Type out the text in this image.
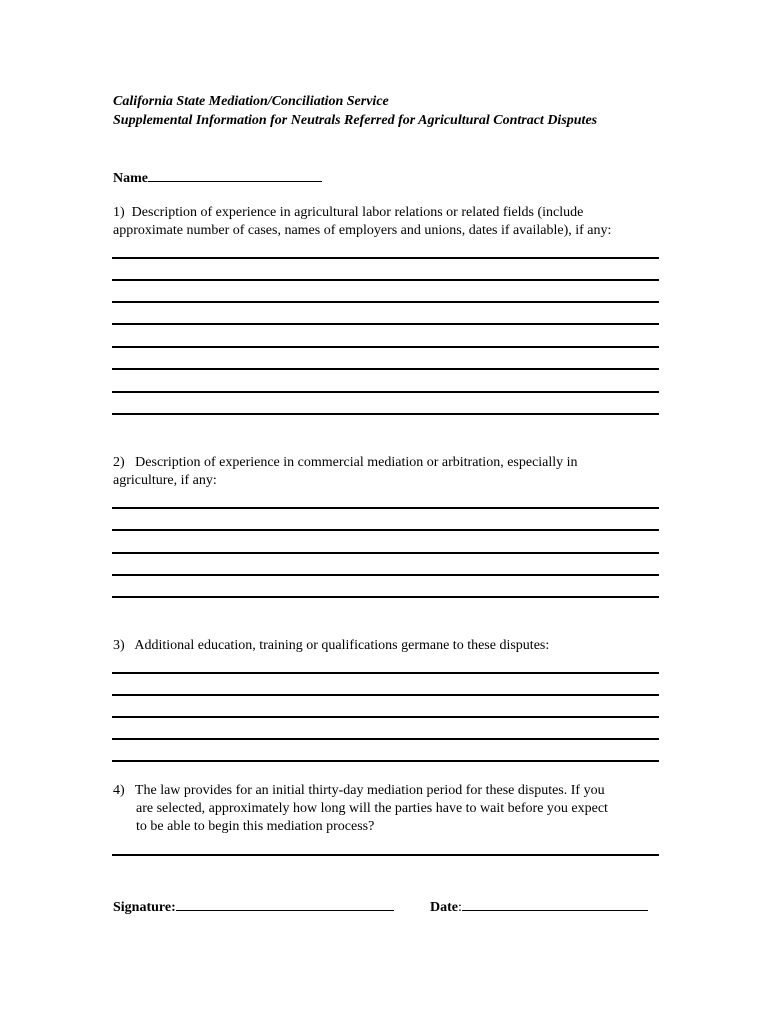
California State Mediation/Conciliation Service
Supplemental Information for Neutrals Referred for Agricultural Contract Disputes
Name
1) Description of experience in agricultural labor relations or related fields (include
approximate number of cases, names of employers and unions, dates if available), if any:
2) Description of experience in commercial mediation or arbitration, especially in
agriculture, if any:
3) Additional education, training or qualifications germane to these disputes:
4) The law provides for an initial thirty-day mediation period for these disputes. If you
are selected, approximately how long will the parties have to wait before you expect
to be able to begin this mediation process?
Signature:	Date:
